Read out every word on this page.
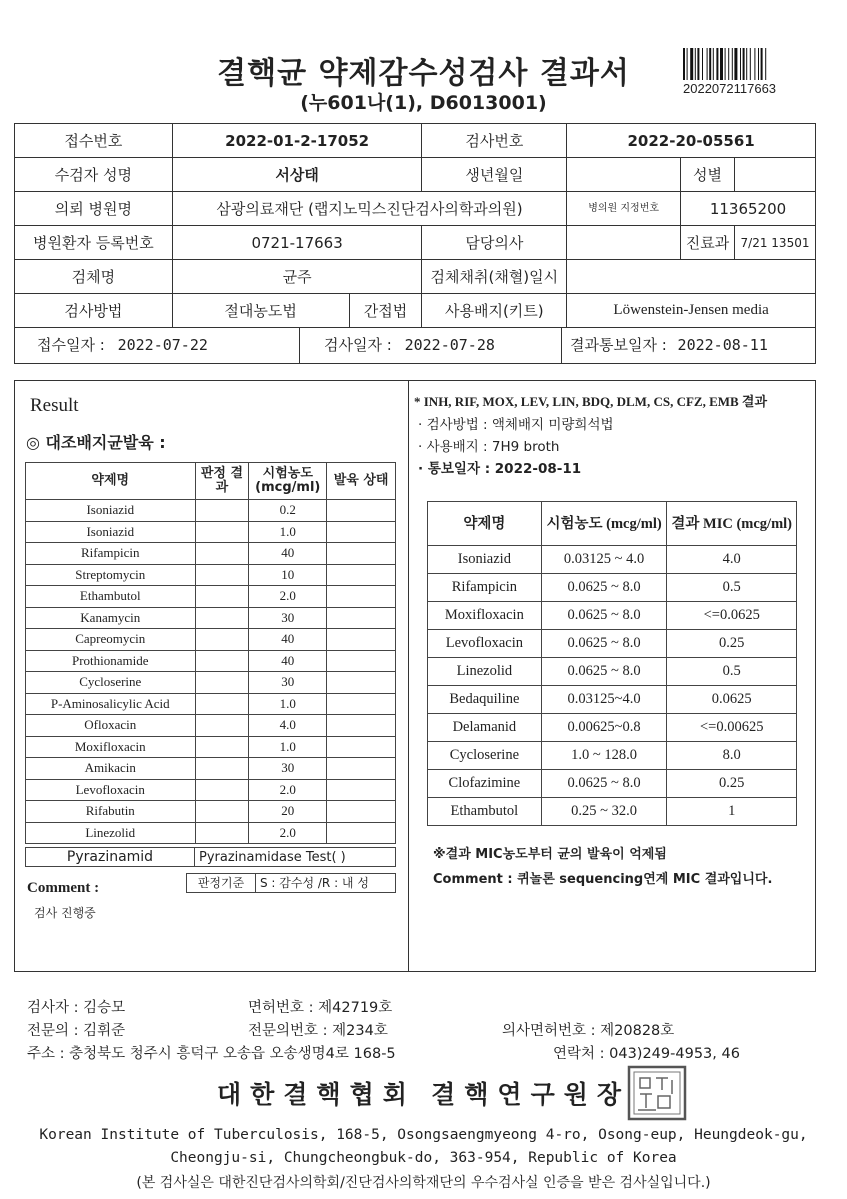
결핵균 약제감수성검사 결과서
(누601나(1), D6013001)
2022072117663
접수번호	2022-01-2-17052		검사번호	2022-20-05561		
수검자 성명	서상태		생년월일		성별	
의뢰 병원명	삼광의료재단 (랩지노믹스진단검사의학과의원)			병의원 지정번호	11365200	
병원환자 등록번호	0721-17663		담당의사		진료과	7/21 13501
검체명	균주		검체채취(채혈)일시			
검사방법	절대농도법	간접법	사용배지(키트)	Löwenstein-Jensen media		

접수일자 : 2022-07-22 검사일자 : 2022-07-28 결과통보일자 : 2022-08-11						
Result
◎ 대조배지균발육 :
약제명	판정 결과	시험농도 (mcg/ml)	발육 상태
Isoniazid		0.2	
Isoniazid		1.0	
Rifampicin		40	
Streptomycin		10	
Ethambutol		2.0	
Kanamycin		30	
Capreomycin		40	
Prothionamide		40	
Cycloserine		30	
P-Aminosalicylic Acid		1.0	
Ofloxacin		4.0	
Moxifloxacin		1.0	
Amikacin		30	
Levofloxacin		2.0	
Rifabutin		20	
Linezolid		2.0	
Pyrazinamid	Pyrazinamidase Test( )
Comment :	판정기준	S : 감수성 /R : 내 성
검사 진행중
* INH, RIF, MOX, LEV, LIN, BDQ, DLM, CS, CFZ, EMB 결과
· 검사방법 : 액체배지 미량희석법
· 사용배지 : 7H9 broth
· 통보일자 : 2022-08-11
약제명	시험농도 (mcg/ml)	결과 MIC (mcg/ml)
Isoniazid	0.03125 ~ 4.0	4.0
Rifampicin	0.0625 ~ 8.0	0.5
Moxifloxacin	0.0625 ~ 8.0	<=0.0625
Levofloxacin	0.0625 ~ 8.0	0.25
Linezolid	0.0625 ~ 8.0	0.5
Bedaquiline	0.03125~4.0	0.0625
Delamanid	0.00625~0.8	<=0.00625
Cycloserine	1.0 ~ 128.0	8.0
Clofazimine	0.0625 ~ 8.0	0.25
Ethambutol	0.25 ~ 32.0	1
※결과 MIC농도부터 균의 발육이 억제됨
Comment : 퀴놀론 sequencing연계 MIC 결과입니다.
검사자 : 김승모	면허번호 : 제42719호
전문의 : 김휘준	전문의번호 : 제234호	의사면허번호 : 제20828호
주소 : 충청북도 청주시 흥덕구 오송읍 오송생명4로 168-5	연락처 : 043)249-4953, 46
대한결핵협회 결핵연구원장
Korean Institute of Tuberculosis, 168-5, Osongsaengmyeong 4-ro, Osong-eup, Heungdeok-gu,
Cheongju-si, Chungcheongbuk-do, 363-954, Republic of Korea
(본 검사실은 대한진단검사의학회/진단검사의학재단의 우수검사실 인증을 받은 검사실입니다.)
